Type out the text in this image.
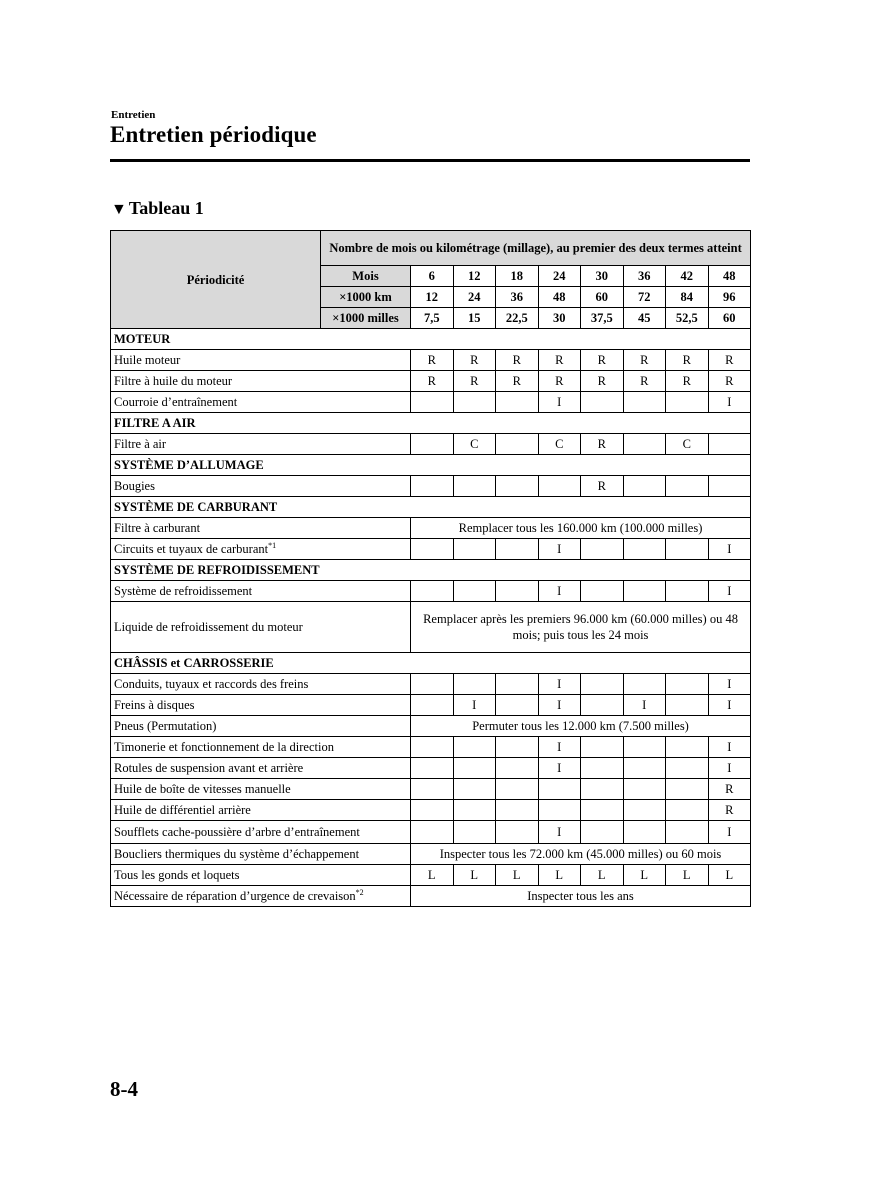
Entretien
Entretien périodique
▼ Tableau 1
Périodicité	Nombre de mois ou kilométrage (millage), au premier des deux termes atteint								
	Mois	6	12	18	24	30	36	42	48
	×1000 km	12	24	36	48	60	72	84	96
	×1000 milles	7,5	15	22,5	30	37,5	45	52,5	60
MOTEUR									
Huile moteur		R	R	R	R	R	R	R	R
Filtre à huile du moteur		R	R	R	R	R	R	R	R
Courroie d’entraînement					I				I
FILTRE A AIR									
Filtre à air			C		C	R		C	
SYSTÈME D’ALLUMAGE									
Bougies						R			
SYSTÈME DE CARBURANT									
Filtre à carburant		Remplacer tous les 160.000 km (100.000 milles)							
Circuits et tuyaux de carburant$^{*1}$					I				I
SYSTÈME DE REFROIDISSEMENT									
Système de refroidissement					I				I
Liquide de refroidissement du moteur		Remplacer après les premiers 96.000 km (60.000 milles) ou 48 mois; puis tous les 24 mois							
CHÂSSIS et CARROSSERIE									
Conduits, tuyaux et raccords des freins					I				I
Freins à disques			I		I		I		I
Pneus (Permutation)		Permuter tous les 12.000 km (7.500 milles)							
Timonerie et fonctionnement de la direction					I				I
Rotules de suspension avant et arrière					I				I
Huile de boîte de vitesses manuelle									R
Huile de différentiel arrière									R
Soufflets cache-poussière d’arbre d’entraînement					I				I
Boucliers thermiques du système d’échappement		Inspecter tous les 72.000 km (45.000 milles) ou 60 mois							
Tous les gonds et loquets		L	L	L	L	L	L	L	L
Nécessaire de réparation d’urgence de crevaison$^{*2}$		Inspecter tous les ans							
8-4
